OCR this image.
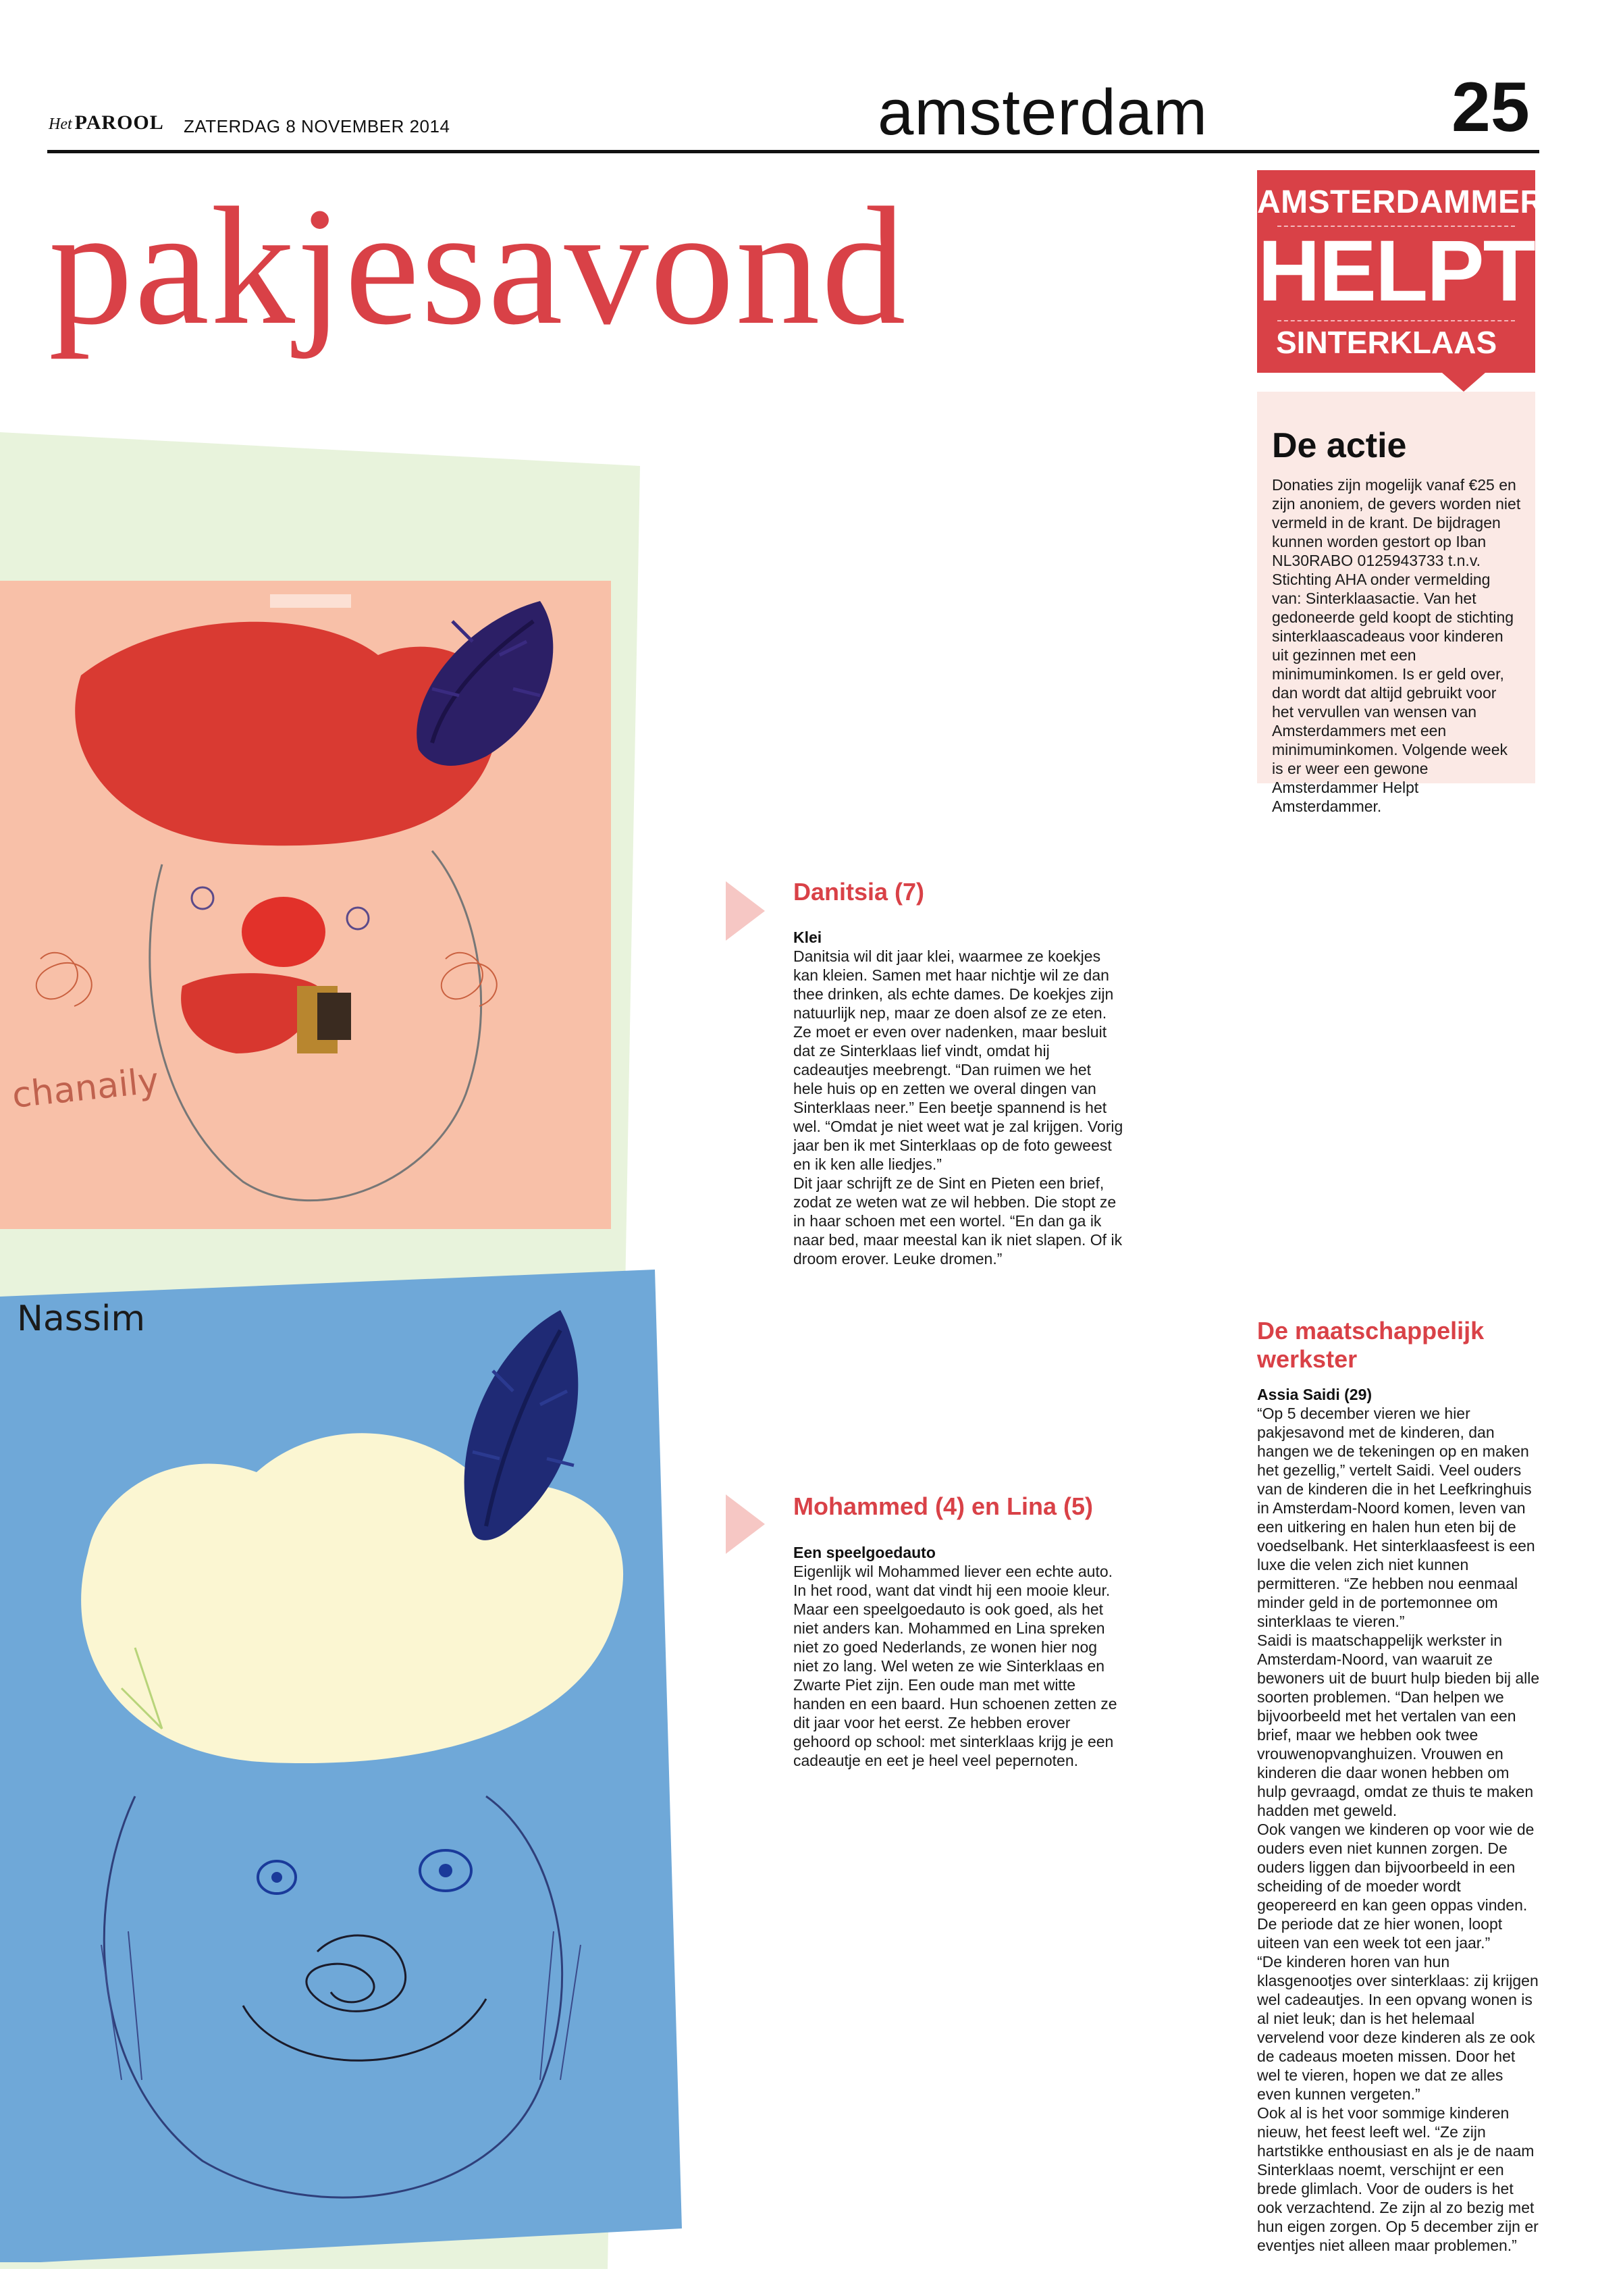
Het PAROOL ZATERDAG 8 NOVEMBER 2014	amsterdam	25
pakjesavond	AMSTERDAMMER
HELPT
SINTERKLAAS
De actie
Donaties zijn mogelijk vanaf €25 en zijn anoniem, de gevers worden niet vermeld in de krant. De bijdragen kunnen worden gestort op Iban NL30RABO 0125943733 t.n.v. Stichting AHA onder vermelding van: Sinterklaasactie. Van het gedoneerde geld koopt de stichting sinterklaascadeaus voor kinderen uit gezinnen met een minimuminkomen. Is er geld over, dan wordt dat altijd gebruikt voor het vervullen van wensen van Amsterdammers met een minimuminkomen. Volgende week is er weer een gewone Amsterdammer Helpt Amsterdammer.
chanaily
Nassim
Danitsia (7)
Klei
Danitsia wil dit jaar klei, waarmee ze koekjes kan kleien. Samen met haar nichtje wil ze dan thee drinken, als echte dames. De koekjes zijn natuurlijk nep, maar ze doen alsof ze ze eten.
Ze moet er even over nadenken, maar besluit dat ze Sinterklaas lief vindt, omdat hij cadeautjes meebrengt. “Dan ruimen we het hele huis op en zetten we overal dingen van Sinterklaas neer.” Een beetje spannend is het wel. “Omdat je niet weet wat je zal krijgen. Vorig jaar ben ik met Sinterklaas op de foto geweest en ik ken alle liedjes.”
Dit jaar schrijft ze de Sint en Pieten een brief, zodat ze weten wat ze wil hebben. Die stopt ze in haar schoen met een wortel. “En dan ga ik naar bed, maar meestal kan ik niet slapen. Of ik droom erover. Leuke dromen.”
Mohammed (4) en Lina (5)
Een speelgoedauto
Eigenlijk wil Mohammed liever een echte auto. In het rood, want dat vindt hij een mooie kleur. Maar een speelgoedauto is ook goed, als het niet anders kan. Mohammed en Lina spreken niet zo goed Nederlands, ze wonen hier nog niet zo lang. Wel weten ze wie Sinterklaas en Zwarte Piet zijn. Een oude man met witte handen en een baard. Hun schoenen zetten ze dit jaar voor het eerst. Ze hebben erover gehoord op school: met sinterklaas krijg je een cadeautje en eet je heel veel pepernoten.
De maatschappelijk werkster
Assia Saidi (29)
“Op 5 december vieren we hier pakjesavond met de kinderen, dan hangen we de tekeningen op en maken het gezellig,” vertelt Saidi. Veel ouders van de kinderen die in het Leefkringhuis in Amsterdam-Noord komen, leven van een uitkering en halen hun eten bij de voedselbank. Het sinterklaasfeest is een luxe die velen zich niet kunnen permitteren. “Ze hebben nou eenmaal minder geld in de portemonnee om sinterklaas te vieren.”
Saidi is maatschappelijk werkster in Amsterdam-Noord, van waaruit ze bewoners uit de buurt hulp bieden bij alle soorten problemen. “Dan helpen we bijvoorbeeld met het vertalen van een brief, maar we hebben ook twee vrouwenopvanghuizen. Vrouwen en kinderen die daar wonen hebben om hulp gevraagd, omdat ze thuis te maken hadden met geweld.
Ook vangen we kinderen op voor wie de ouders even niet kunnen zorgen. De ouders liggen dan bijvoorbeeld in een scheiding of de moeder wordt geopereerd en kan geen oppas vinden. De periode dat ze hier wonen, loopt uiteen van een week tot een jaar.”
“De kinderen horen van hun klasgenootjes over sinterklaas: zij krijgen wel cadeautjes. In een opvang wonen is al niet leuk; dan is het helemaal vervelend voor deze kinderen als ze ook de cadeaus moeten missen. Door het wel te vieren, hopen we dat ze alles even kunnen vergeten.”
Ook al is het voor sommige kinderen nieuw, het feest leeft wel. “Ze zijn hartstikke enthousiast en als je de naam Sinterklaas noemt, verschijnt er een brede glimlach. Voor de ouders is het ook verzachtend. Ze zijn al zo bezig met hun eigen zorgen. Op 5 december zijn er eventjes niet alleen maar problemen.”
